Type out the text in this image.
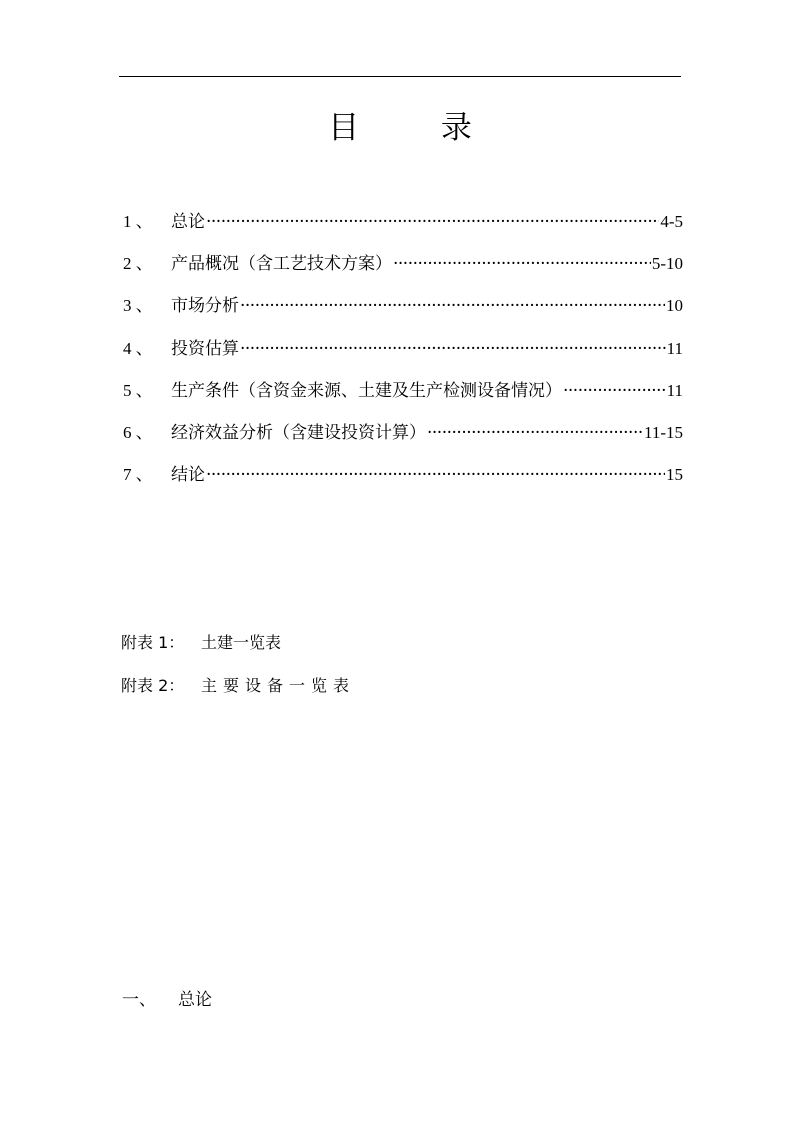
目 录
1 、	总论 ·····	4-5
2 、	产品概况（含工艺技术方案） ·····	5-10
3 、	市场分析 ·····	10
4 、	投资估算 ·····	11
5 、	生产条件（含资金来源、土建及生产检测设备情况） ·····	11
6 、	经济效益分析（含建设投资计算） ·····	11-15
7 、	结论 ·····	15
附表 1： 土建一览表
附表 2： 主要设备一览表
一、 总论
